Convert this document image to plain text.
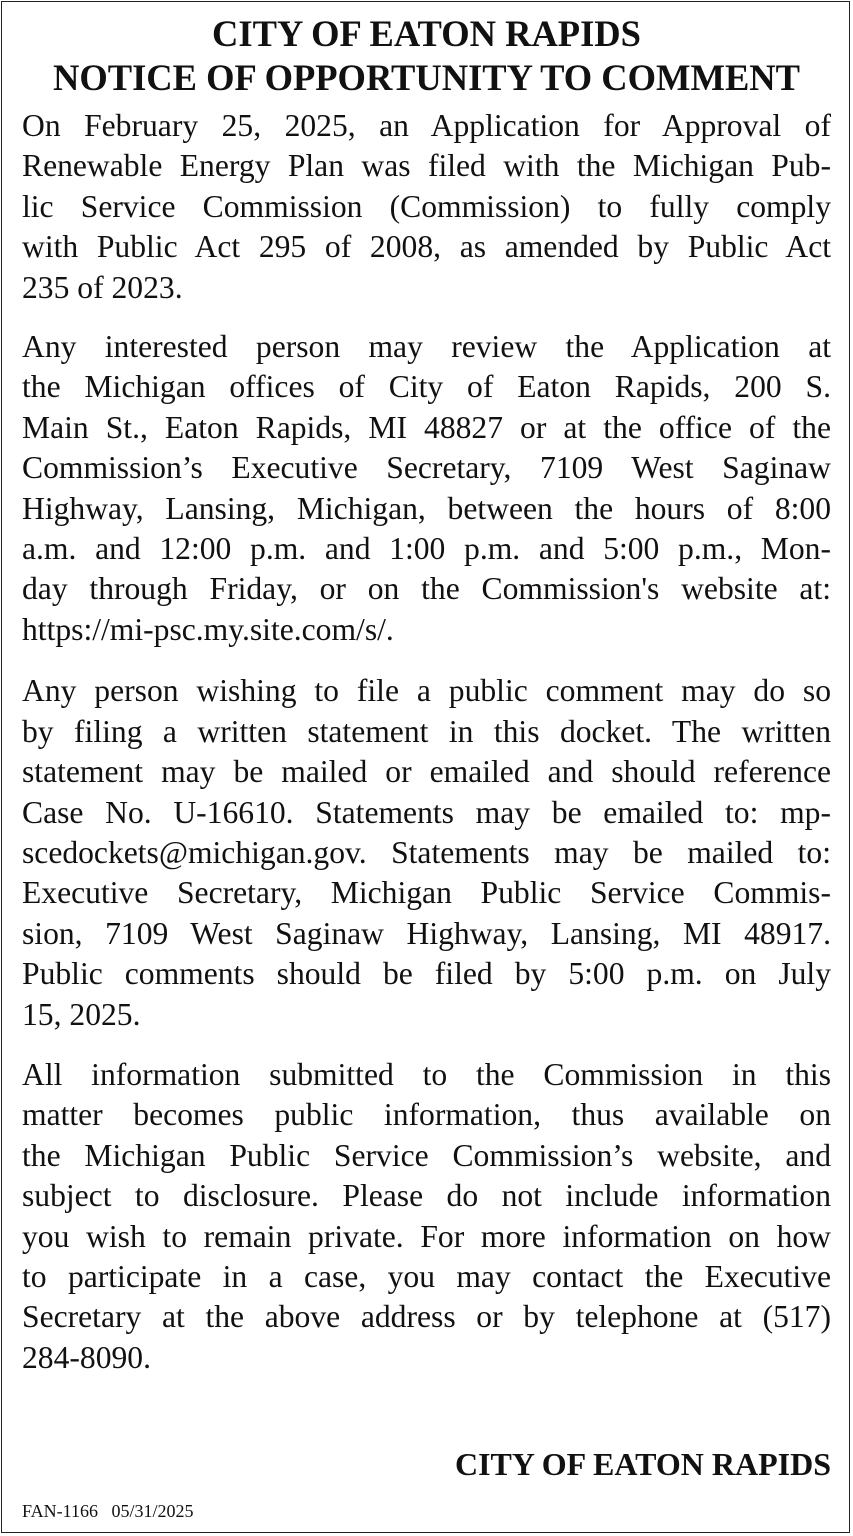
CITY OF EATON RAPIDS
NOTICE OF OPPORTUNITY TO COMMENT

On February 25, 2025, an Application for Approval of
Renewable Energy Plan was filed with the Michigan Pub-
lic Service Commission (Commission) to fully comply
with Public Act 295 of 2008, as amended by Public Act
235 of 2023.

Any interested person may review the Application at
the Michigan offices of City of Eaton Rapids, 200 S.
Main St., Eaton Rapids, MI 48827 or at the office of the
Commission’s Executive Secretary, 7109 West Saginaw
Highway, Lansing, Michigan, between the hours of 8:00
a.m. and 12:00 p.m. and 1:00 p.m. and 5:00 p.m., Mon-
day through Friday, or on the Commission's website at:
https://mi-psc.my.site.com/s/.

Any person wishing to file a public comment may do so
by filing a written statement in this docket. The written
statement may be mailed or emailed and should reference
Case No. U-16610. Statements may be emailed to: mp-
scedockets@michigan.gov. Statements may be mailed to:
Executive Secretary, Michigan Public Service Commis-
sion, 7109 West Saginaw Highway, Lansing, MI 48917.
Public comments should be filed by 5:00 p.m. on July
15, 2025.

All information submitted to the Commission in this
matter becomes public information, thus available on
the Michigan Public Service Commission’s website, and
subject to disclosure. Please do not include information
you wish to remain private. For more information on how
to participate in a case, you may contact the Executive
Secretary at the above address or by telephone at (517)
284-8090.

CITY OF EATON RAPIDS
FAN-1166 05/31/2025
